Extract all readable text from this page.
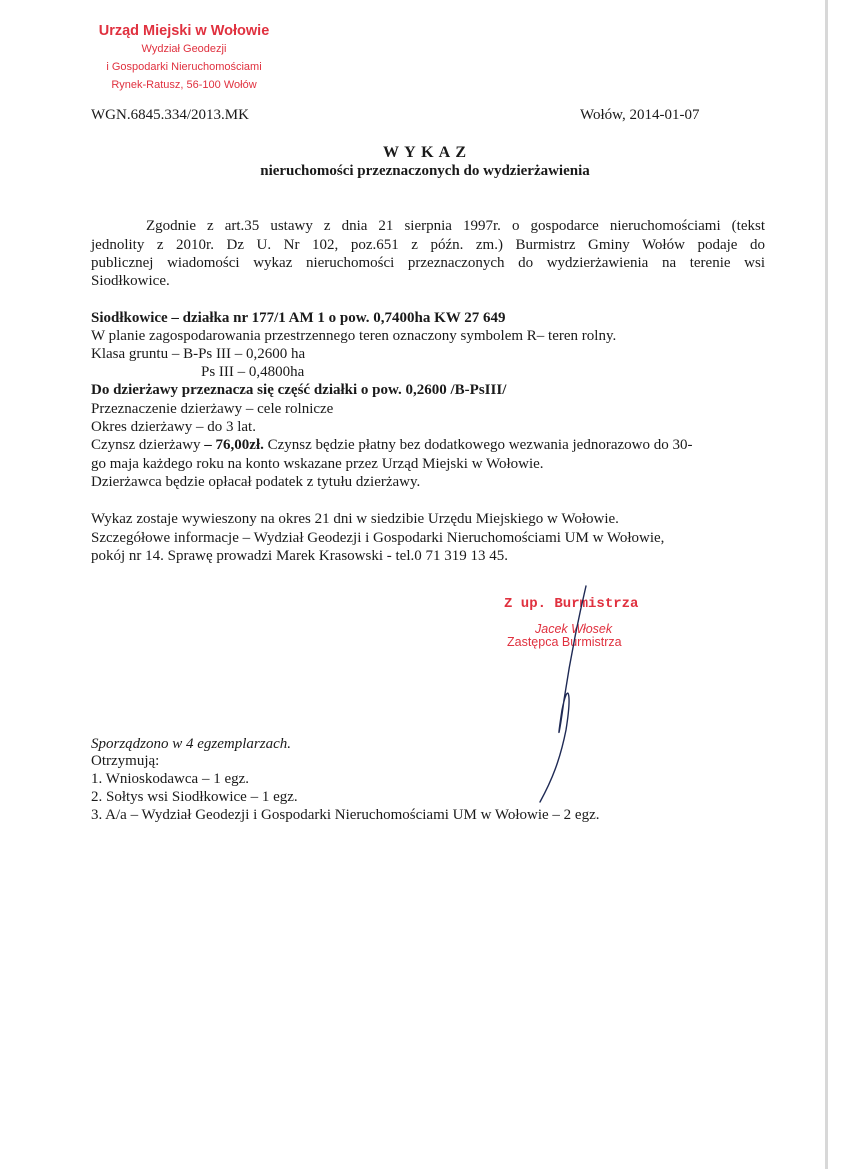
Urząd Miejski w Wołowie
Wydział Geodezji
i Gospodarki Nieruchomościami
Rynek-Ratusz, 56-100 Wołów
WGN.6845.334/2013.MK	Wołów, 2014-01-07
W Y K A Z
nieruchomości przeznaczonych do wydzierżawienia
Zgodnie z art.35 ustawy z dnia 21 sierpnia 1997r. o gospodarce nieruchomościami (tekst
jednolity z 2010r. Dz U. Nr 102, poz.651 z późn. zm.) Burmistrz Gminy Wołów podaje do
publicznej wiadomości wykaz nieruchomości przeznaczonych do wydzierżawienia na terenie wsi
Siodłkowice.
Siodłkowice – działka nr 177/1 AM 1 o pow. 0,7400ha KW 27 649
W planie zagospodarowania przestrzennego teren oznaczony symbolem R– teren rolny.
Klasa gruntu – B-Ps III – 0,2600 ha
Ps III – 0,4800ha
Do dzierżawy przeznacza się część działki o pow. 0,2600 /B-PsIII/
Przeznaczenie dzierżawy – cele rolnicze
Okres dzierżawy – do 3 lat.
Czynsz dzierżawy – 76,00zł. Czynsz będzie płatny bez dodatkowego wezwania jednorazowo do 30-
go maja każdego roku na konto wskazane przez Urząd Miejski w Wołowie.
Dzierżawca będzie opłacał podatek z tytułu dzierżawy.
Wykaz zostaje wywieszony na okres 21 dni w siedzibie Urzędu Miejskiego w Wołowie.
Szczegółowe informacje – Wydział Geodezji i Gospodarki Nieruchomościami UM w Wołowie,
pokój nr 14. Sprawę prowadzi Marek Krasowski - tel.0 71 319 13 45.
Z up. Burmistrza
Jacek Włosek
Zastępca Burmistrza
Sporządzono w 4 egzemplarzach.
Otrzymują:
1. Wnioskodawca – 1 egz.
2. Sołtys wsi Siodłkowice – 1 egz.
3. A/a – Wydział Geodezji i Gospodarki Nieruchomościami UM w Wołowie – 2 egz.
